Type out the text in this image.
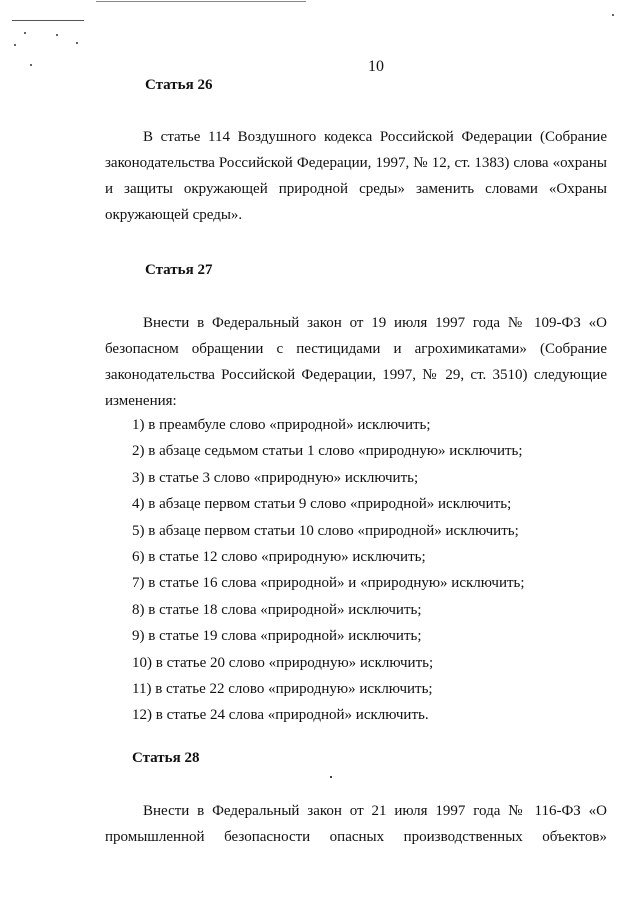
10
Статья 26

В статье 114 Воздушного кодекса Российской Федерации (Собрание законодательства Российской Федерации, 1997, № 12, ст. 1383) слова «охраны и защиты окружающей природной среды» заменить словами «Охраны окружающей среды».

Статья 27

Внести в Федеральный закон от 19 июля 1997 года № 109-ФЗ «О безопасном обращении с пестицидами и агрохимикатами» (Собрание законодательства Российской Федерации, 1997, № 29, ст. 3510) следующие изменения:

1) в преамбуле слово «природной» исключить;
2) в абзаце седьмом статьи 1 слово «природную» исключить;
3) в статье 3 слово «природную» исключить;
4) в абзаце первом статьи 9 слово «природной» исключить;
5) в абзаце первом статьи 10 слово «природной» исключить;
6) в статье 12 слово «природную» исключить;
7) в статье 16 слова «природной» и «природную» исключить;
8) в статье 18 слова «природной» исключить;
9) в статье 19 слова «природной» исключить;
10) в статье 20 слово «природную» исключить;
11) в статье 22 слово «природную» исключить;
12) в статье 24 слова «природной» исключить.
Статья 28

Внести в Федеральный закон от 21 июля 1997 года № 116-ФЗ «О промышленной безопасности опасных производственных объектов»
